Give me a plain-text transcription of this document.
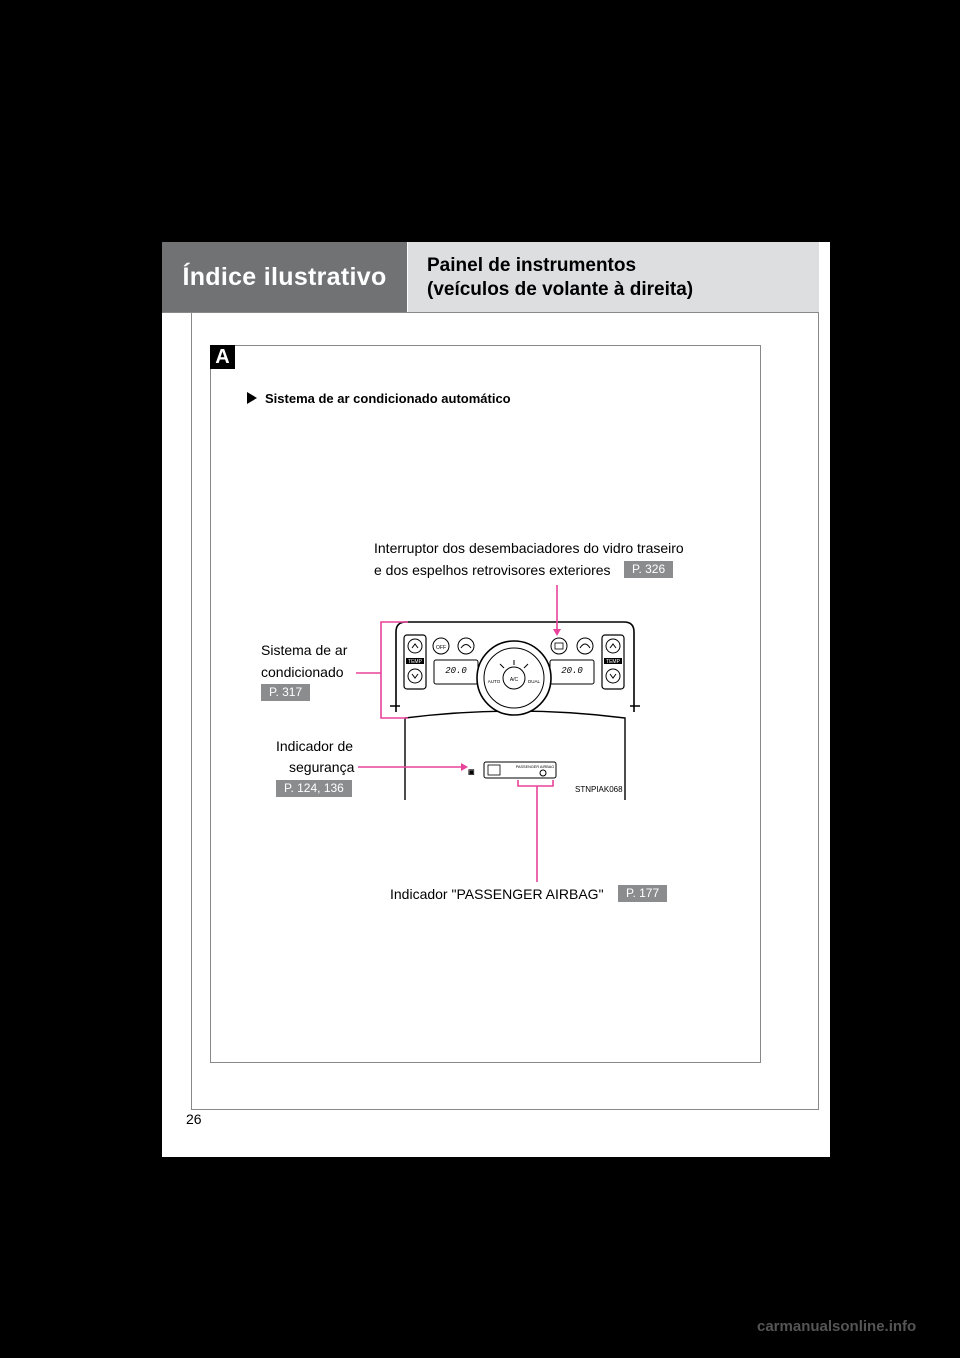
Índice ilustrativo Painel de instrumentos
(veículos de volante à direita)
A
Sistema de ar condicionado automático
TEMP	TEMP
OFF
20.0	20.0
A/C
AUTO	DUAL
PASSENGER AIRBAG
▣
STNPIAK068
Interruptor dos desembaciadores do vidro traseiro
e dos espelhos retrovisores exteriores	P. 326
Sistema de ar
condicionado
P. 317
Indicador de
segurança
P. 124, 136
Indicador "PASSENGER AIRBAG"	P. 177
26
carmanualsonline.info
